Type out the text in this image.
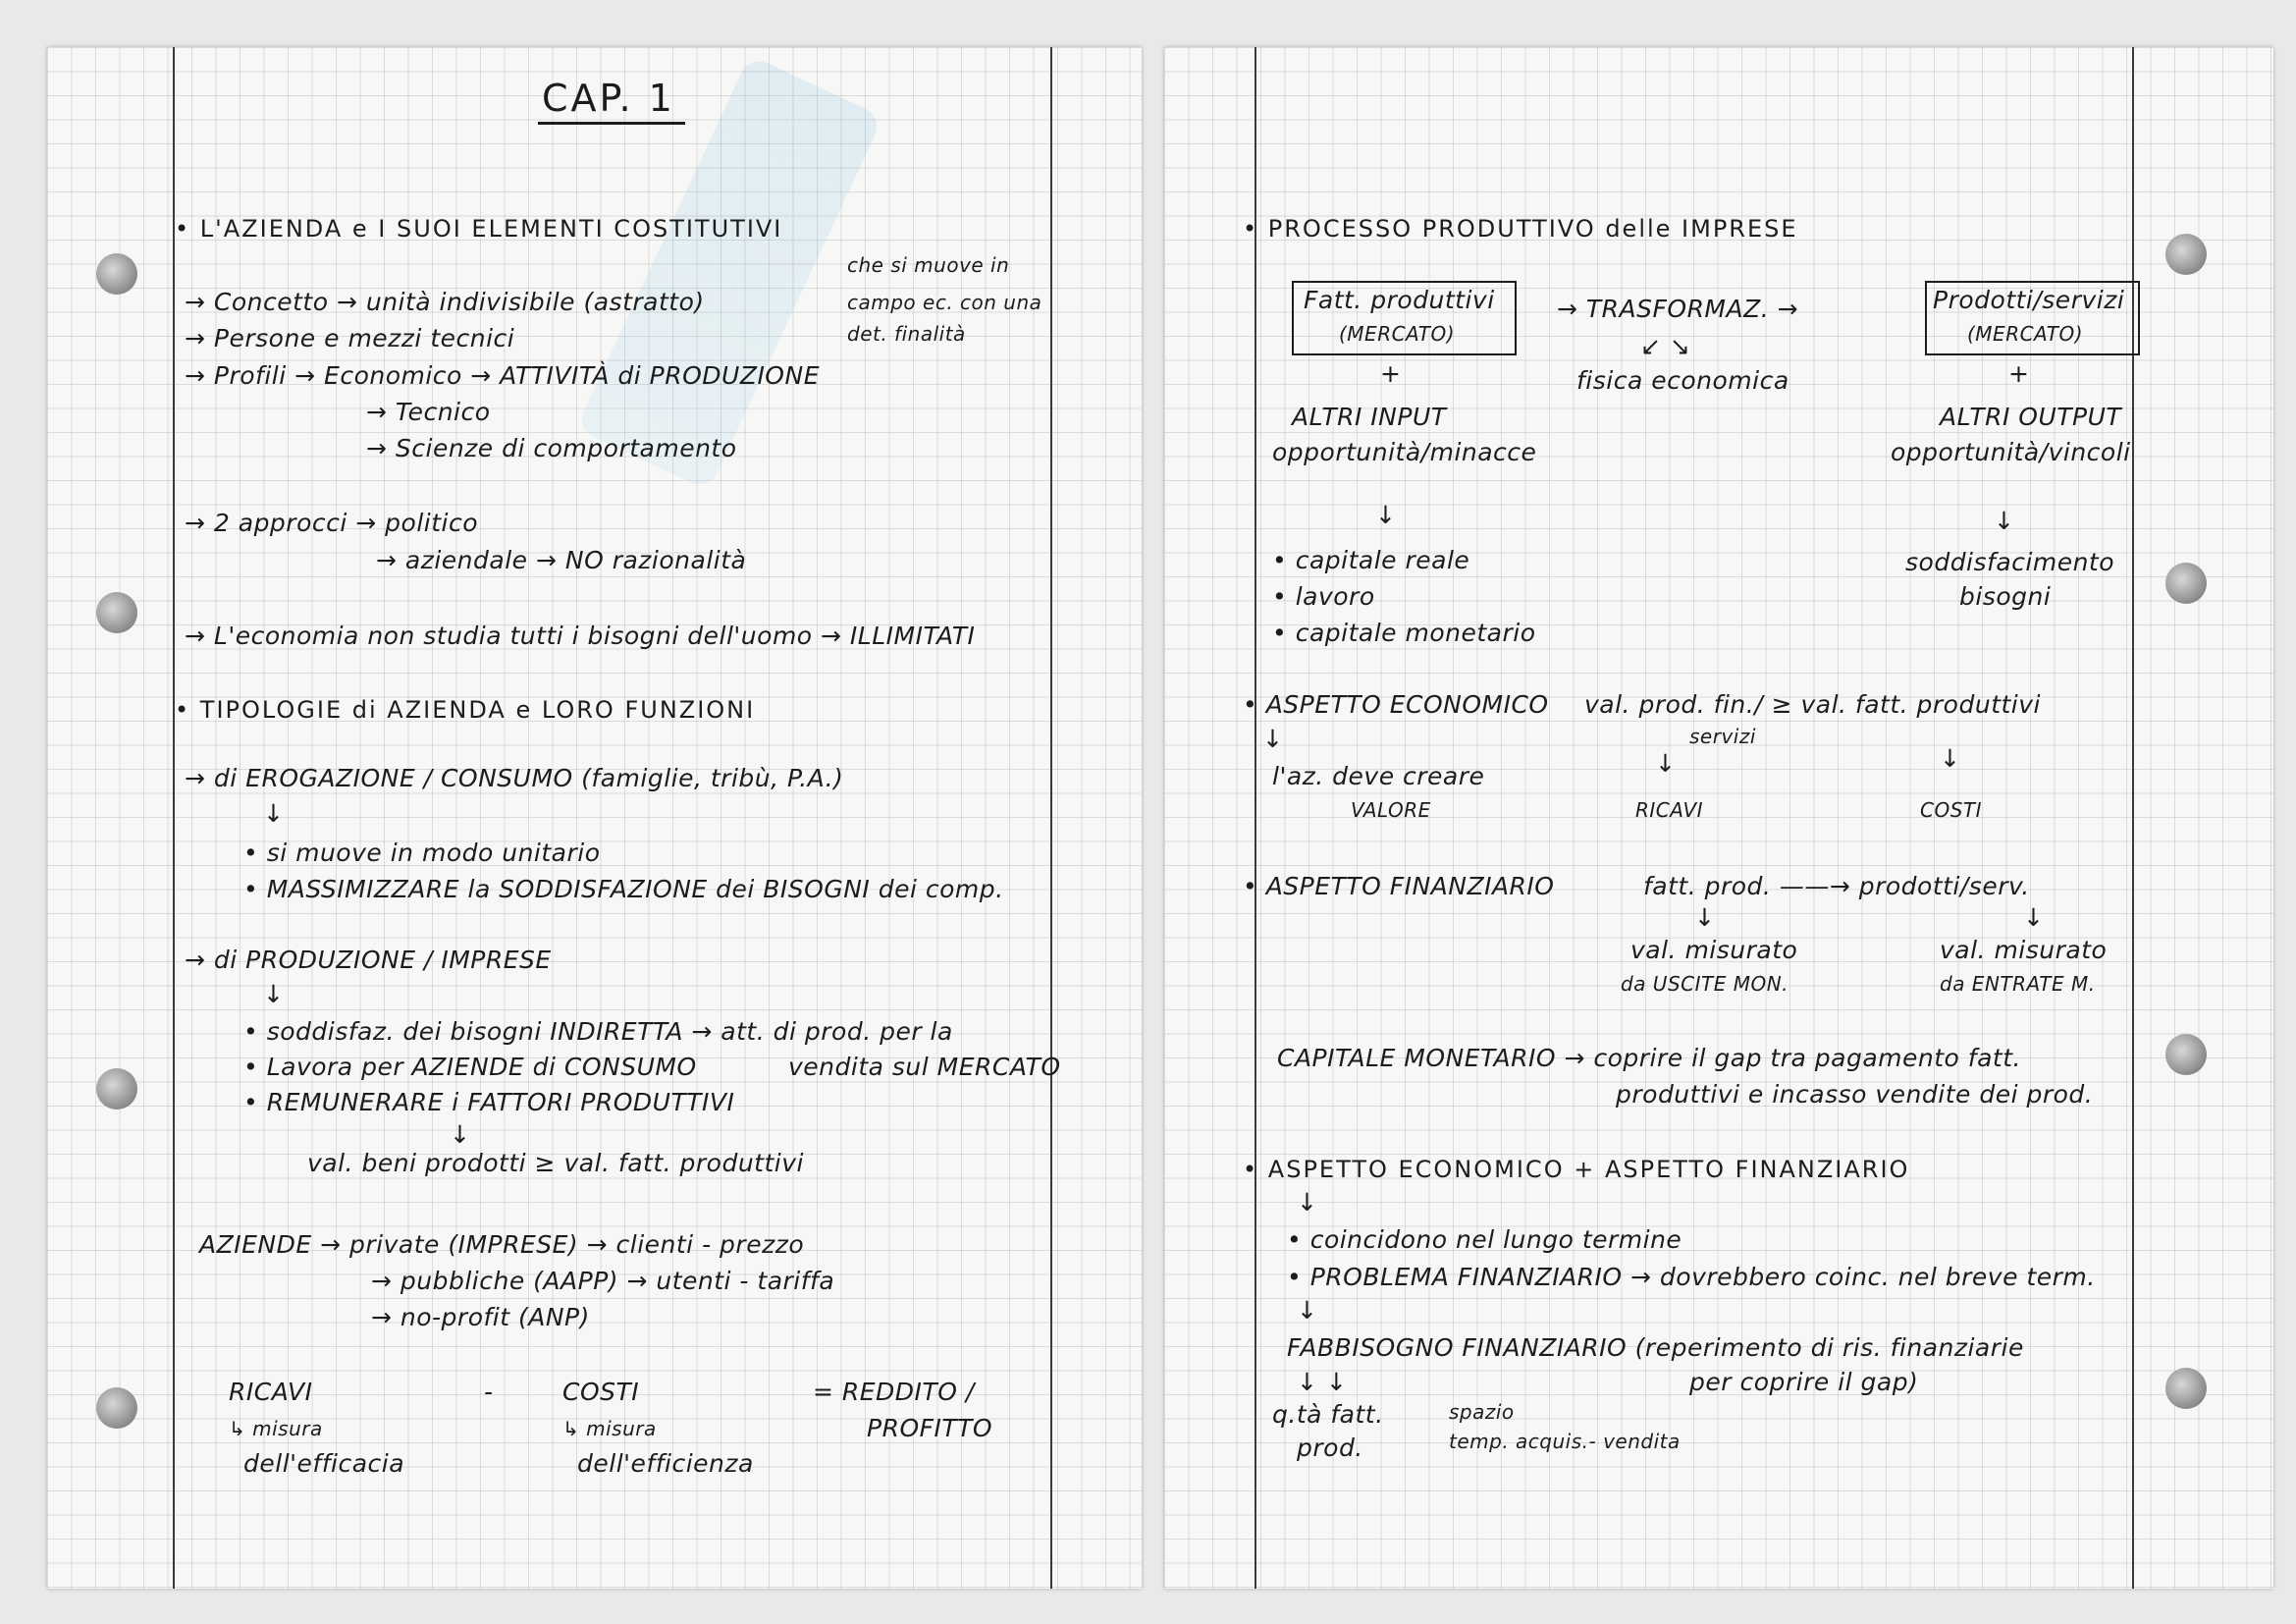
CAP. 1
• L'AZIENDA e I SUOI ELEMENTI COSTITUTIVI
che si muove in
→ Concetto → unità indivisibile (astratto)	campo ec. con una
→ Persone e mezzi tecnici	det. finalità
→ Profili → Economico → ATTIVITÀ di PRODUZIONE
→ Tecnico
→ Scienze di comportamento
→ 2 approcci → politico
→ aziendale → NO razionalità
→ L'economia non studia tutti i bisogni dell'uomo → ILLIMITATI
• TIPOLOGIE di AZIENDA e LORO FUNZIONI
→ di EROGAZIONE / CONSUMO (famiglie, tribù, P.A.)
↓
• si muove in modo unitario
• MASSIMIZZARE la SODDISFAZIONE dei BISOGNI dei comp.
→ di PRODUZIONE / IMPRESE
↓
• soddisfaz. dei bisogni INDIRETTA → att. di prod. per la
• Lavora per AZIENDE di CONSUMO	vendita sul MERCATO
• REMUNERARE i FATTORI PRODUTTIVI
↓
val. beni prodotti ≥ val. fatt. produttivi
AZIENDE → private (IMPRESE) → clienti - prezzo
→ pubbliche (AAPP) → utenti - tariffa
→ no-profit (ANP)
RICAVI	-	COSTI	= REDDITO /
PROFITTO
↳ misura
dell'efficacia
↳ misura
dell'efficienza
• PROCESSO PRODUTTIVO delle IMPRESE
Fatt. produttivi
(MERCATO)
→ TRASFORMAZ. →	Prodotti/servizi
(MERCATO)
+
↙ ↘
+
fisica economica
ALTRI INPUT
opportunità/minacce
ALTRI OUTPUT
opportunità/vincoli
↓	↓
• capitale reale
• lavoro
• capitale monetario
soddisfacimento
bisogni
• ASPETTO ECONOMICO val. prod. fin./ ≥ val. fatt. produttivi
servizi
↓
↓	↓
l'az. deve creare
VALORE	RICAVI	COSTI
• ASPETTO FINANZIARIO	fatt. prod. ——→ prodotti/serv.
↓	↓
val. misurato
da USCITE MON.
val. misurato
da ENTRATE M.
CAPITALE MONETARIO → coprire il gap tra pagamento fatt.
produttivi e incasso vendite dei prod.
• ASPETTO ECONOMICO + ASPETTO FINANZIARIO
↓
• coincidono nel lungo termine
• PROBLEMA FINANZIARIO → dovrebbero coinc. nel breve term.
↓
FABBISOGNO FINANZIARIO (reperimento di ris. finanziarie
per coprire il gap)
↓ ↓
q.tà fatt.
prod.
spazio
temp. acquis.- vendita
